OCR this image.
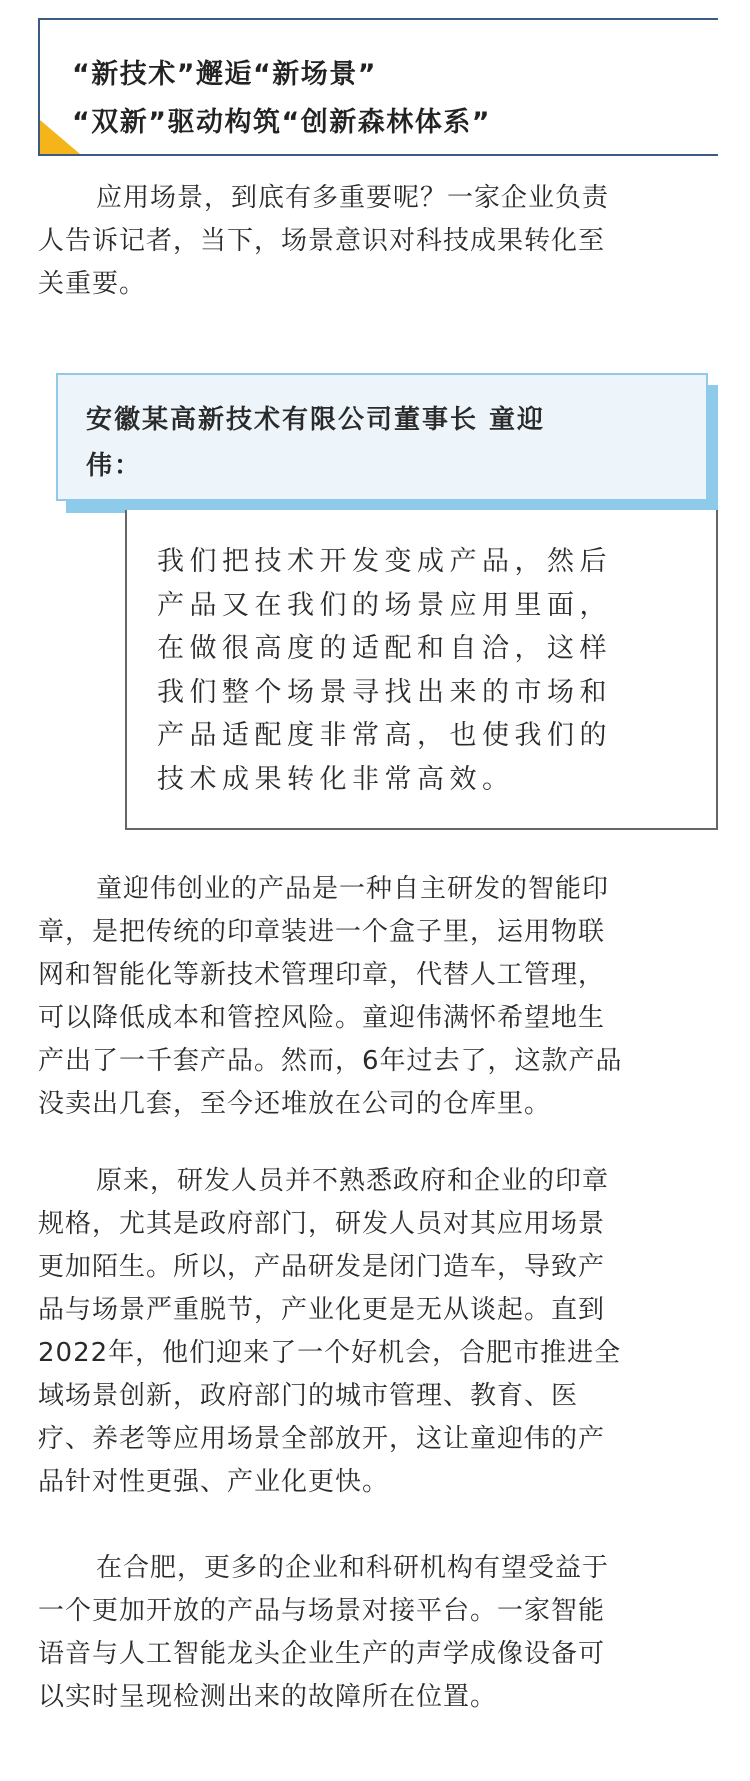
“新技术”邂逅“新场景”
“双新”驱动构筑“创新森林体系”
应用场景，到底有多重要呢？一家企业负责
人告诉记者，当下，场景意识对科技成果转化至
关重要。
安徽某高新技术有限公司董事长 童迎
伟：
我们把技术开发变成产品，然后
产品又在我们的场景应用里面，
在做很高度的适配和自洽，这样
我们整个场景寻找出来的市场和
产品适配度非常高，也使我们的
技术成果转化非常高效。
童迎伟创业的产品是一种自主研发的智能印
章，是把传统的印章装进一个盒子里，运用物联
网和智能化等新技术管理印章，代替人工管理，
可以降低成本和管控风险。童迎伟满怀希望地生
产出了一千套产品。然而，6年过去了，这款产品
没卖出几套，至今还堆放在公司的仓库里。
原来，研发人员并不熟悉政府和企业的印章
规格，尤其是政府部门，研发人员对其应用场景
更加陌生。所以，产品研发是闭门造车，导致产
品与场景严重脱节，产业化更是无从谈起。直到
2022年，他们迎来了一个好机会，合肥市推进全
域场景创新，政府部门的城市管理、教育、医
疗、养老等应用场景全部放开，这让童迎伟的产
品针对性更强、产业化更快。
在合肥，更多的企业和科研机构有望受益于
一个更加开放的产品与场景对接平台。一家智能
语音与人工智能龙头企业生产的声学成像设备可
以实时呈现检测出来的故障所在位置。
